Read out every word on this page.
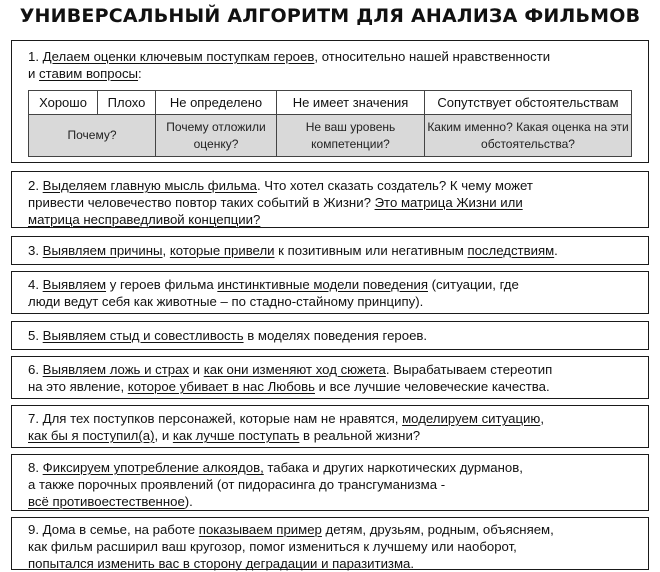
УНИВЕРСАЛЬНЫЙ АЛГОРИТМ ДЛЯ АНАЛИЗА ФИЛЬМОВ
1. Делаем оценки ключевым поступкам героев, относительно нашей нравственности
и ставим вопросы:
Хорошо	Плохо	Не определено	Не имеет значения	Сопутствует обстоятельствам
Почему?		Почему отложили оценку?	Не ваш уровень компетенции?	Каким именно? Какая оценка на эти обстоятельства?
2. Выделяем главную мысль фильма. Что хотел сказать создатель? К чему может
привести человечество повтор таких событий в Жизни? Это матрица Жизни или
матрица несправедливой концепции?
3. Выявляем причины, которые привели к позитивным или негативным последствиям.
4. Выявляем у героев фильма инстинктивные модели поведения (ситуации, где
люди ведут себя как животные – по стадно-стайному принципу).
5. Выявляем стыд и совестливость в моделях поведения героев.
6. Выявляем ложь и страх и как они изменяют ход сюжета. Вырабатываем стереотип
на это явление, которое убивает в нас Любовь и все лучшие человеческие качества.
7. Для тех поступков персонажей, которые нам не нравятся, моделируем ситуацию,
как бы я поступил(а), и как лучше поступать в реальной жизни?
8. Фиксируем употребление алкоядов, табака и других наркотических дурманов,
а также порочных проявлений (от пидорасинга до трансгуманизма -
всё противоестественное).
9. Дома в семье, на работе показываем пример детям, друзьям, родным, объясняем,
как фильм расширил ваш кругозор, помог измениться к лучшему или наоборот,
попытался изменить вас в сторону деградации и паразитизма.
